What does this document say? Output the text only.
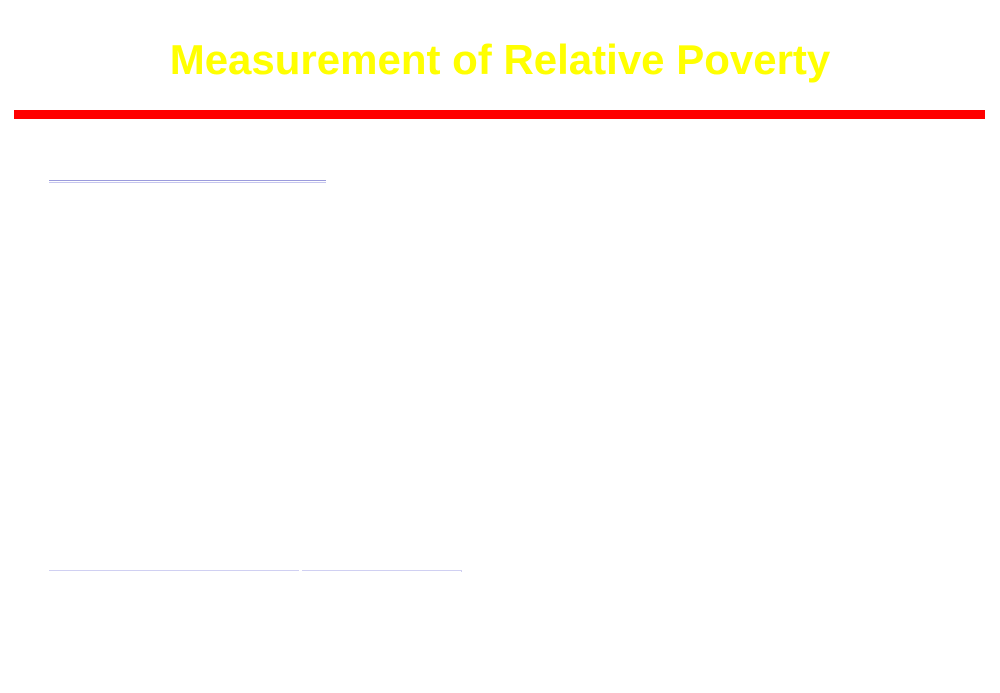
Measurement of Relative Poverty
